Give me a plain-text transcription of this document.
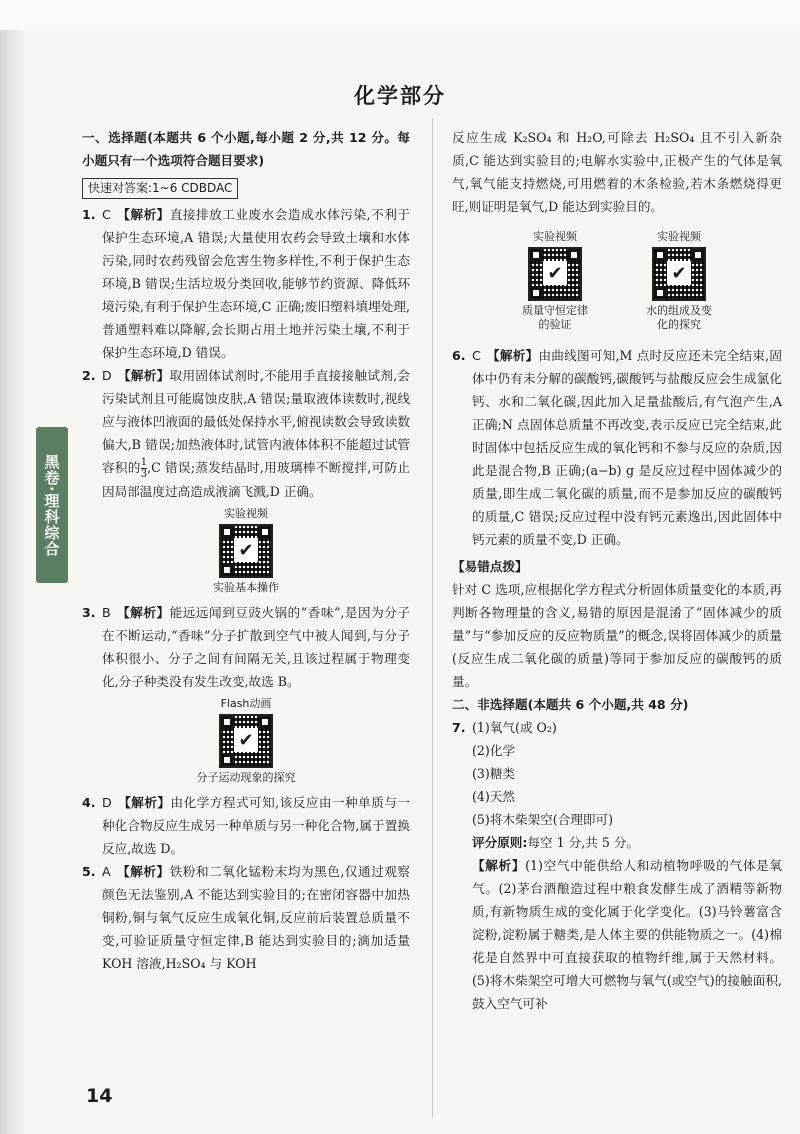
化学部分
黑卷·理科综合

一、选择题(本题共 6 个小题,每小题 2 分,共 12 分。每小题只有一个选项符合题目要求)

快速对答案:1~6 CDBDAC

1. C 【解析】直接排放工业废水会造成水体污染,不利于保护生态环境,A 错误;大量使用农药会导致土壤和水体污染,同时农药残留会危害生物多样性,不利于保护生态环境,B 错误;生活垃圾分类回收,能够节约资源、降低环境污染,有利于保护生态环境,C 正确;废旧塑料填埋处理,普通塑料难以降解,会长期占用土地并污染土壤,不利于保护生态环境,D 错误。

2. D 【解析】取用固体试剂时,不能用手直接接触试剂,会污染试剂且可能腐蚀皮肤,A 错误;量取液体读数时,视线应与液体凹液面的最低处保持水平,俯视读数会导致读数偏大,B 错误;加热液体时,试管内液体体积不能超过试管容积的 $\frac{1}{3} ,C$ 错误;蒸发结晶时,用玻璃棒不断搅拌,可防止因局部温度过高造成液滴飞溅,D 正确。

实验视频
✔
实验基本操作

3. B 【解析】能远远闻到豆豉火锅的“香味”,是因为分子在不断运动,“香味”分子扩散到空气中被人闻到,与分子体积很小、分子之间有间隔无关,且该过程属于物理变化,分子种类没有发生改变,故选 B。

Flash动画
✔
分子运动现象的探究

4. D 【解析】由化学方程式可知,该反应由一种单质与一种化合物反应生成另一种单质与另一种化合物,属于置换反应,故选 D。

5. A 【解析】铁粉和二氧化锰粉末均为黑色,仅通过观察颜色无法鉴别,A 不能达到实验目的;在密闭容器中加热铜粉,铜与氧气反应生成氧化铜,反应前后装置总质量不变,可验证质量守恒定律,B 能达到实验目的;滴加适量 KOH 溶液,H₂SO₄ 与 KOH

反应生成 K₂SO₄ 和 H₂O,可除去 H₂SO₄ 且不引入新杂质,C 能达到实验目的;电解水实验中,正极产生的气体是氧气,氧气能支持燃烧,可用燃着的木条检验,若木条燃烧得更旺,则证明是氧气,D 能达到实验目的。

实验视频
✔
质量守恒定律的验证
实验视频
✔
水的组成及变化的探究

6. C 【解析】由曲线图可知,M 点时反应还未完全结束,固体中仍有未分解的碳酸钙,碳酸钙与盐酸反应会生成氯化钙、水和二氧化碳,因此加入足量盐酸后,有气泡产生,A 正确;N 点固体总质量不再改变,表示反应已完全结束,此时固体中包括反应生成的氧化钙和不参与反应的杂质,因此是混合物,B 正确;(a−b) g 是反应过程中固体减少的质量,即生成二氧化碳的质量,而不是参加反应的碳酸钙的质量,C 错误;反应过程中没有钙元素逸出,因此固体中钙元素的质量不变,D 正确。

【易错点拨】

针对 C 选项,应根据化学方程式分析固体质量变化的本质,再判断各物理量的含义,易错的原因是混淆了“固体减少的质量”与“参加反应的反应物质量”的概念,误将固体减少的质量(反应生成二氧化碳的质量)等同于参加反应的碳酸钙的质量。

二、非选择题(本题共 6 个小题,共 48 分)

7. (1)氧气(或 O₂)

(2)化学

(3)糖类

(4)天然

(5)将木柴架空(合理即可)

评分原则:每空 1 分,共 5 分。

【解析】(1)空气中能供给人和动植物呼吸的气体是氧气。(2)茅台酒酿造过程中粮食发酵生成了酒精等新物质,有新物质生成的变化属于化学变化。(3)马铃薯富含淀粉,淀粉属于糖类,是人体主要的供能物质之一。(4)棉花是自然界中可直接获取的植物纤维,属于天然材料。(5)将木柴架空可增大可燃物与氧气(或空气)的接触面积,鼓入空气可补

14
